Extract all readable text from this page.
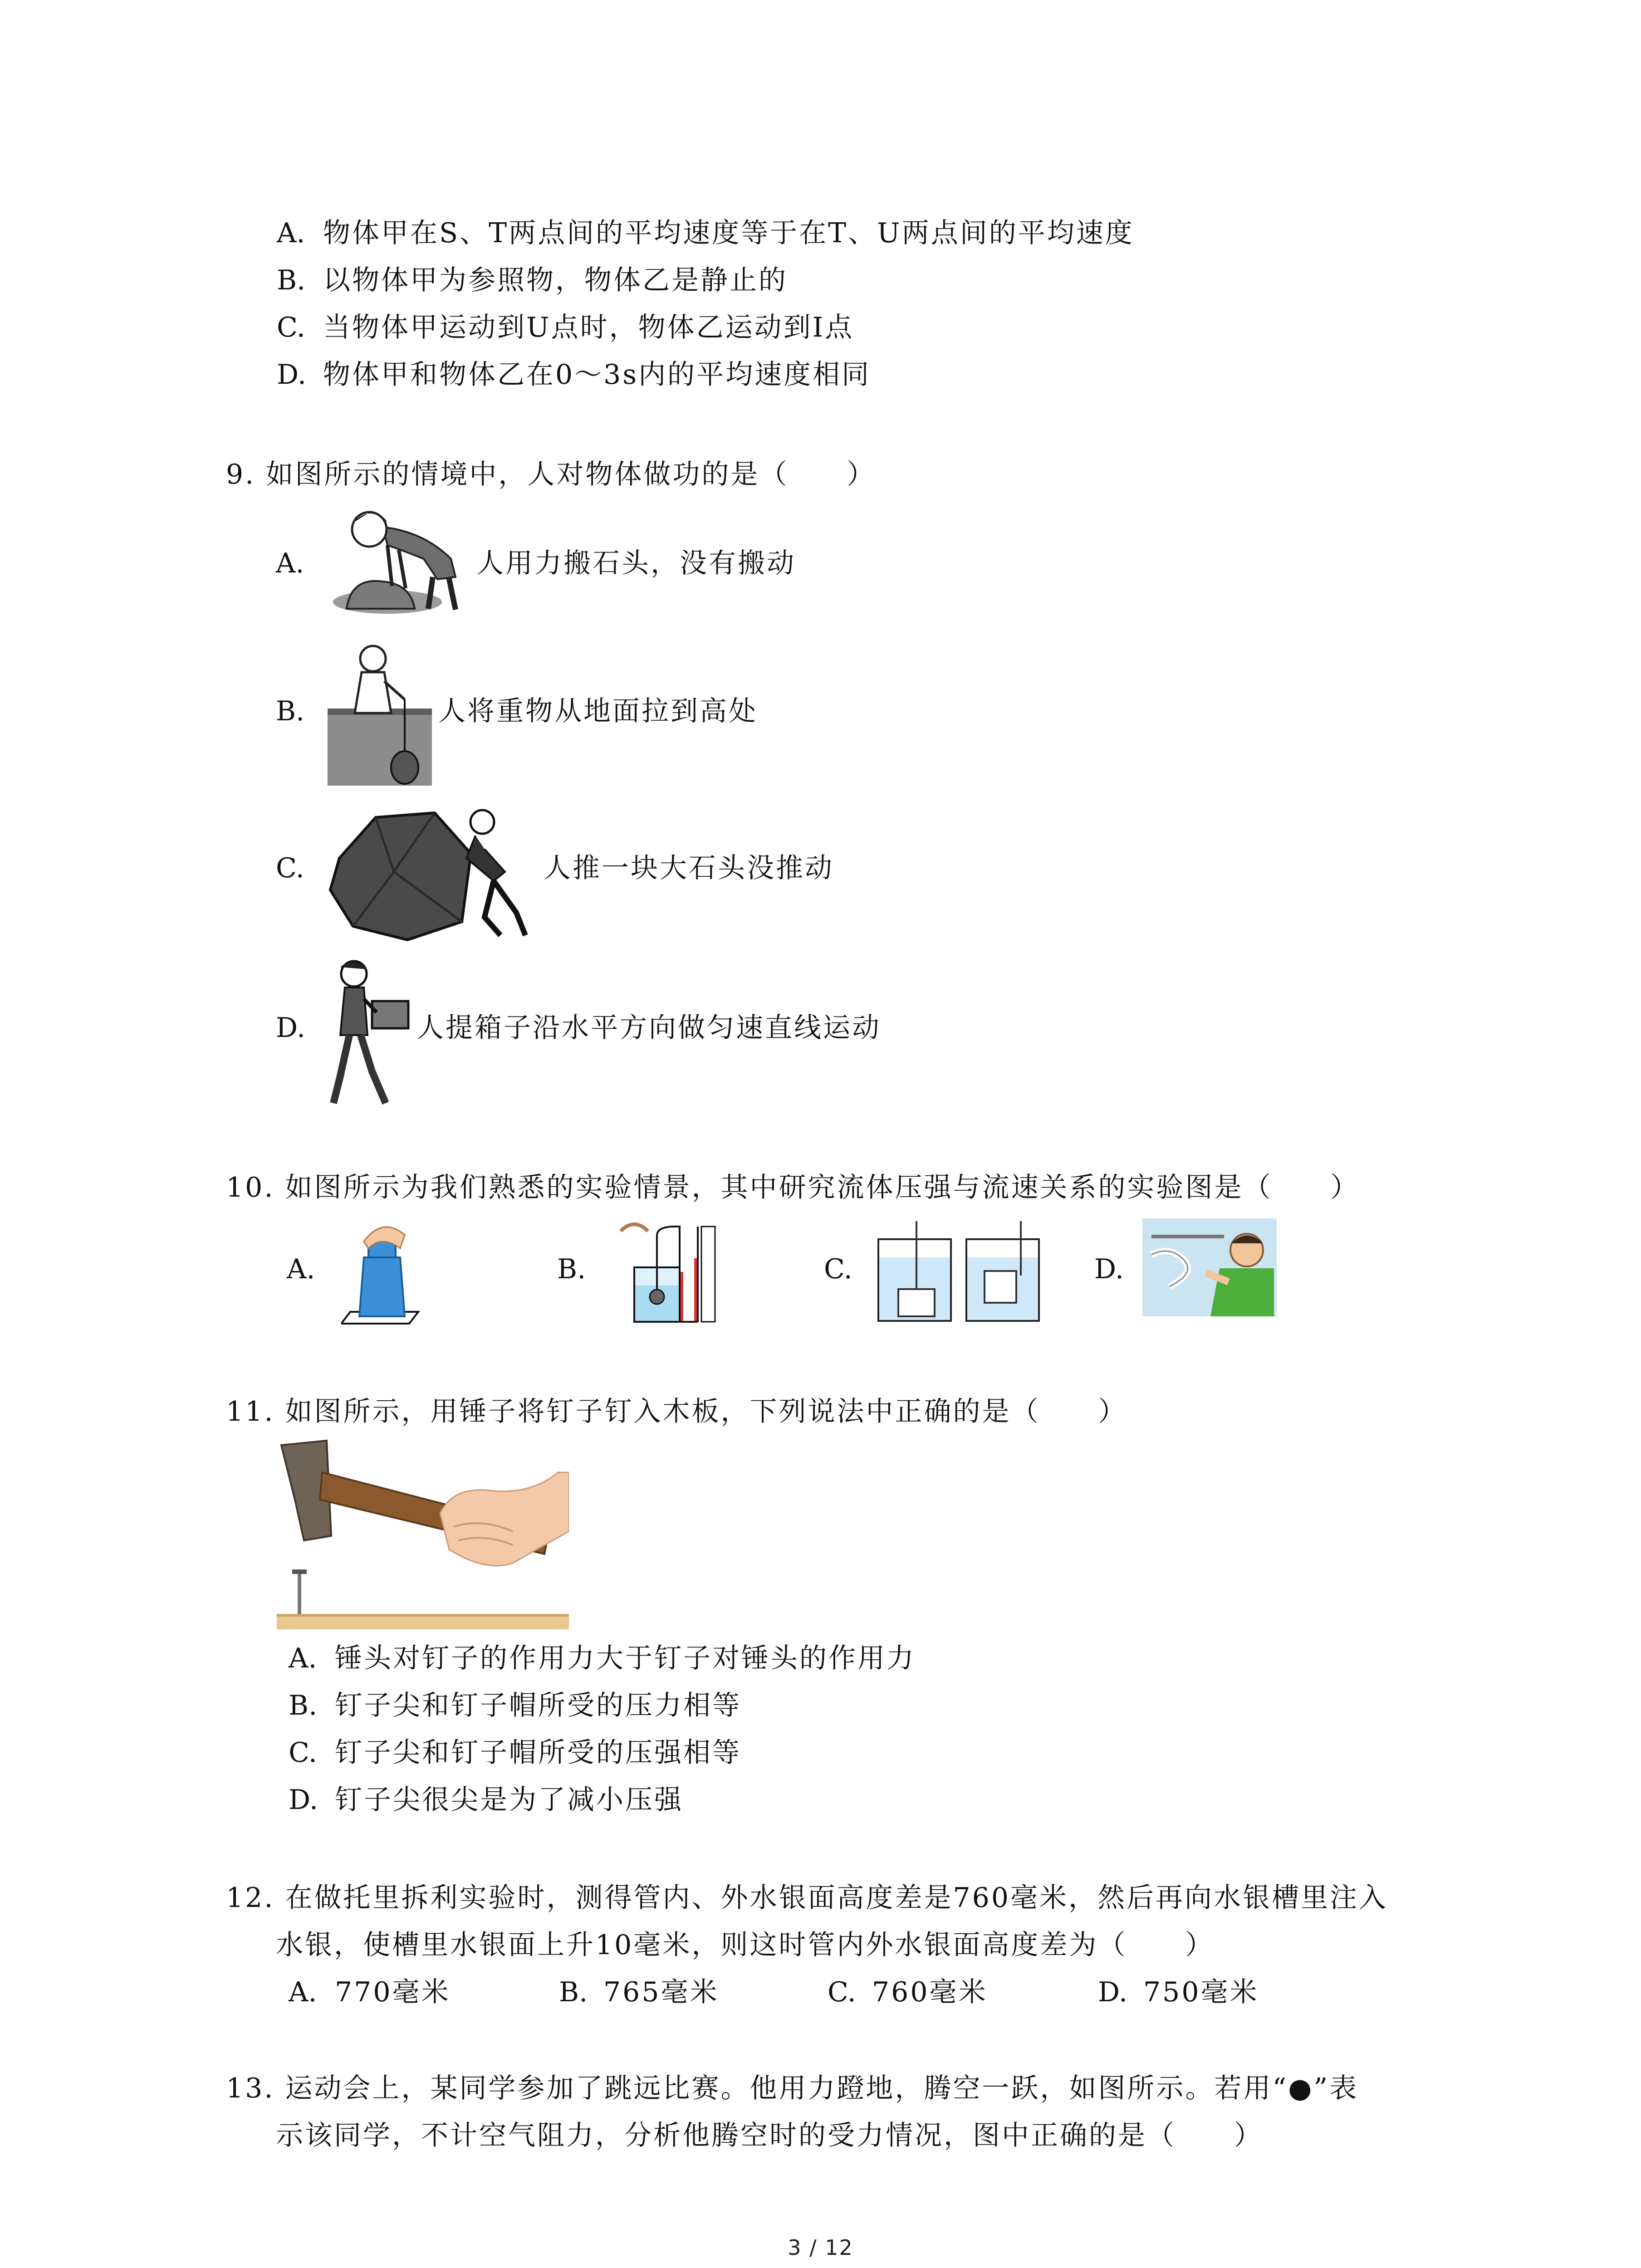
A. 物体甲在S、T两点间的平均速度等于在T、U两点间的平均速度
B. 以物体甲为参照物，物体乙是静止的
C. 当物体甲运动到U点时，物体乙运动到I点
D. 物体甲和物体乙在0～3s内的平均速度相同
9. 如图所示的情境中，人对物体做功的是（　　）
A.	人用力搬石头，没有搬动
B.	人将重物从地面拉到高处
C.	人推一块大石头没推动
D.	人提箱子沿水平方向做匀速直线运动
10. 如图所示为我们熟悉的实验情景，其中研究流体压强与流速关系的实验图是（　　）
A.	B.	C.	D.
11. 如图所示，用锤子将钉子钉入木板，下列说法中正确的是（　　）
A. 锤头对钉子的作用力大于钉子对锤头的作用力
B. 钉子尖和钉子帽所受的压力相等
C. 钉子尖和钉子帽所受的压强相等
D. 钉子尖很尖是为了减小压强
12. 在做托里拆利实验时，测得管内、外水银面高度差是760毫米，然后再向水银槽里注入
水银，使槽里水银面上升10毫米，则这时管内外水银面高度差为（　　）
A. 770毫米	B. 765毫米	C. 760毫米	D. 750毫米
13. 运动会上，某同学参加了跳远比赛。他用力蹬地，腾空一跃，如图所示。若用“●”表
示该同学，不计空气阻力，分析他腾空时的受力情况，图中正确的是（　　）
3 / 12
